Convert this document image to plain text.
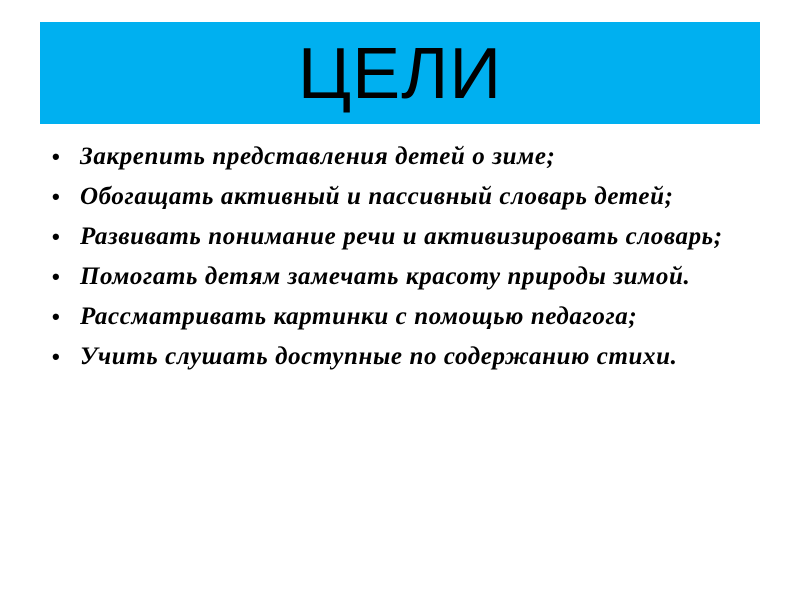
ЦЕЛИ
• Закрепить представления детей о зиме;
• Обогащать активный и пассивный словарь детей;
• Развивать понимание речи и активизировать словарь;
• Помогать детям замечать красоту природы зимой.
• Рассматривать картинки с помощью педагога;
• Учить слушать доступные по содержанию стихи.
